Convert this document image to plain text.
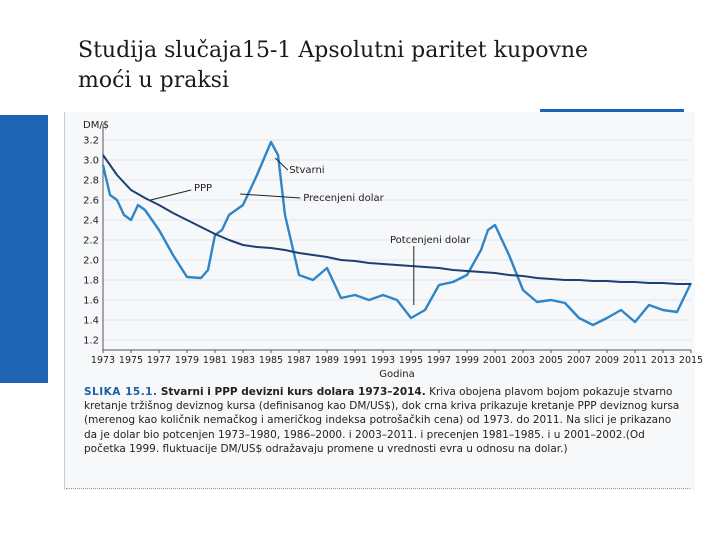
Studija slučaja15-1 Apsolutni paritet kupovne
moći u praksi
3.2
3.0
2.8
2.6
2.4
2.2
2.0
1.8
1.6
1.4
1.2
1973 1975 1977 1979 1981 1983 1985 1987 1989 1991 1993 1995 1997 1999 2001 2003 2005 2007 2009 2011 2013 2015
Stvarni
PPP
Precenjeni dolar
Potcenjeni dolar
DM/$
Godina
SLIKA 15.1. Stvarni i PPP devizni kurs dolara 1973–2014. Kriva obojena plavom bojom pokazuje stvarno kretanje tržišnog deviznog kursa (definisanog kao DM/US$), dok crna kriva prikazuje kretanje PPP deviznog kursa (merenog kao količnik nemačkog i američkog indeksa potrošačkih cena) od 1973. do 2011. Na slici je prikazano da je dolar bio potcenjen 1973–1980, 1986–2000. i 2003–2011. i precenjen 1981–1985. i u 2001–2002.(Od početka 1999. fluktuacije DM/US$ odražavaju promene u vrednosti evra u odnosu na dolar.)
